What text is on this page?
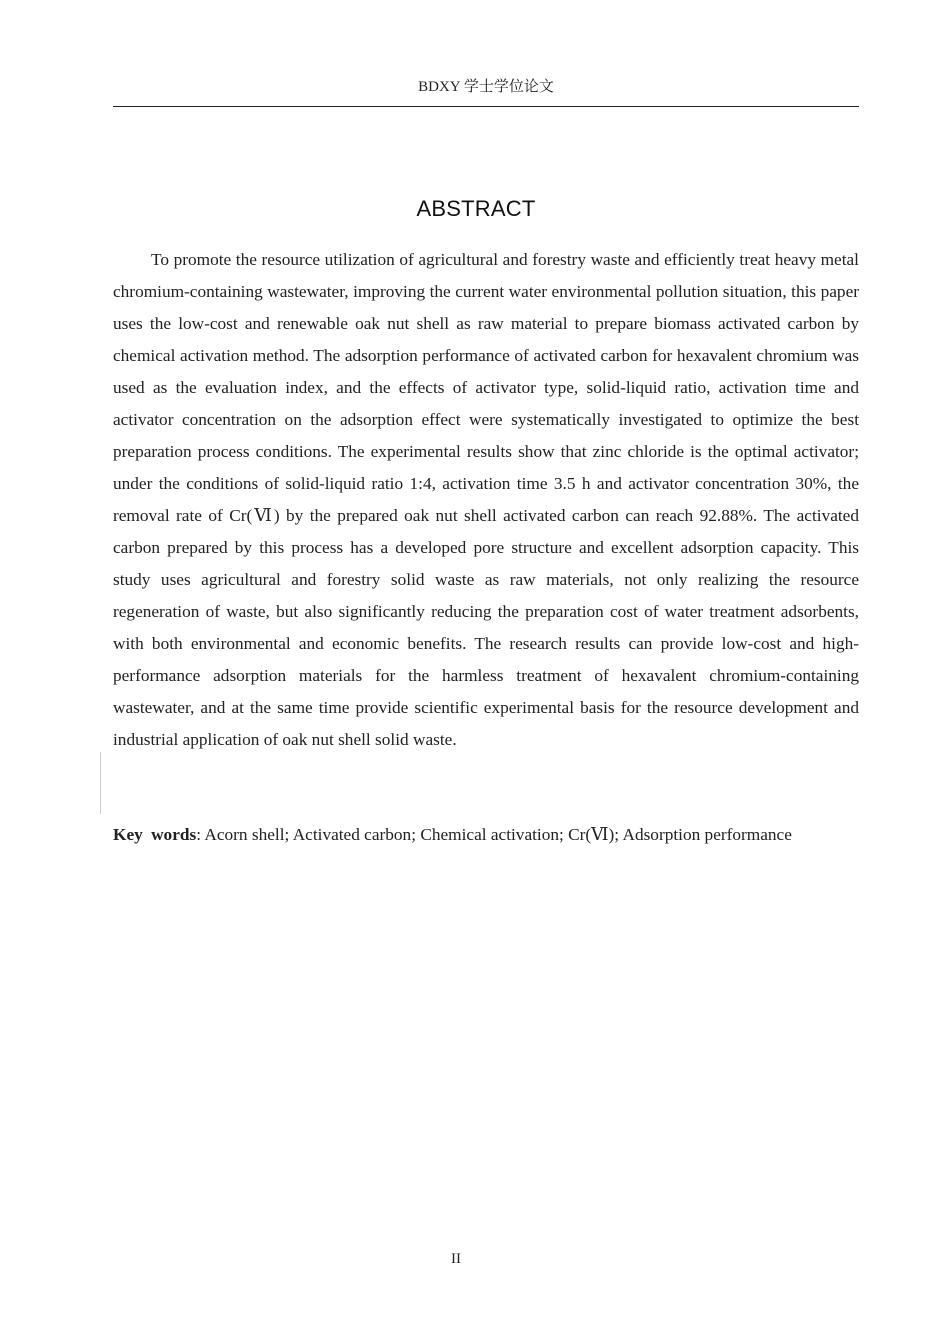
BDXY 学士学位论文
ABSTRACT

To promote the resource utilization of agricultural and forestry waste and efficiently treat heavy metal chromium-containing wastewater, improving the current water environmental pollution situation, this paper uses the low-cost and renewable oak nut shell as raw material to prepare biomass activated carbon by chemical activation method. The adsorption performance of activated carbon for hexavalent chromium was used as the evaluation index, and the effects of activator type, solid-liquid ratio, activation time and activator concentration on the adsorption effect were systematically investigated to optimize the best preparation process conditions. The experimental results show that zinc chloride is the optimal activator; under the conditions of solid-liquid ratio 1:4, activation time 3.5 h and activator concentration 30%, the removal rate of Cr(Ⅵ) by the prepared oak nut shell activated carbon can reach 92.88%. The activated carbon prepared by this process has a developed pore structure and excellent adsorption capacity. This study uses agricultural and forestry solid waste as raw materials, not only realizing the resource regeneration of waste, but also significantly reducing the preparation cost of water treatment adsorbents, with both environmental and economic benefits. The research results can provide low-cost and high-performance adsorption materials for the harmless treatment of hexavalent chromium-containing wastewater, and at the same time provide scientific experimental basis for the resource development and industrial application of oak nut shell solid waste.

Key words: Acorn shell; Activated carbon; Chemical activation; Cr(Ⅵ); Adsorption performance

II
